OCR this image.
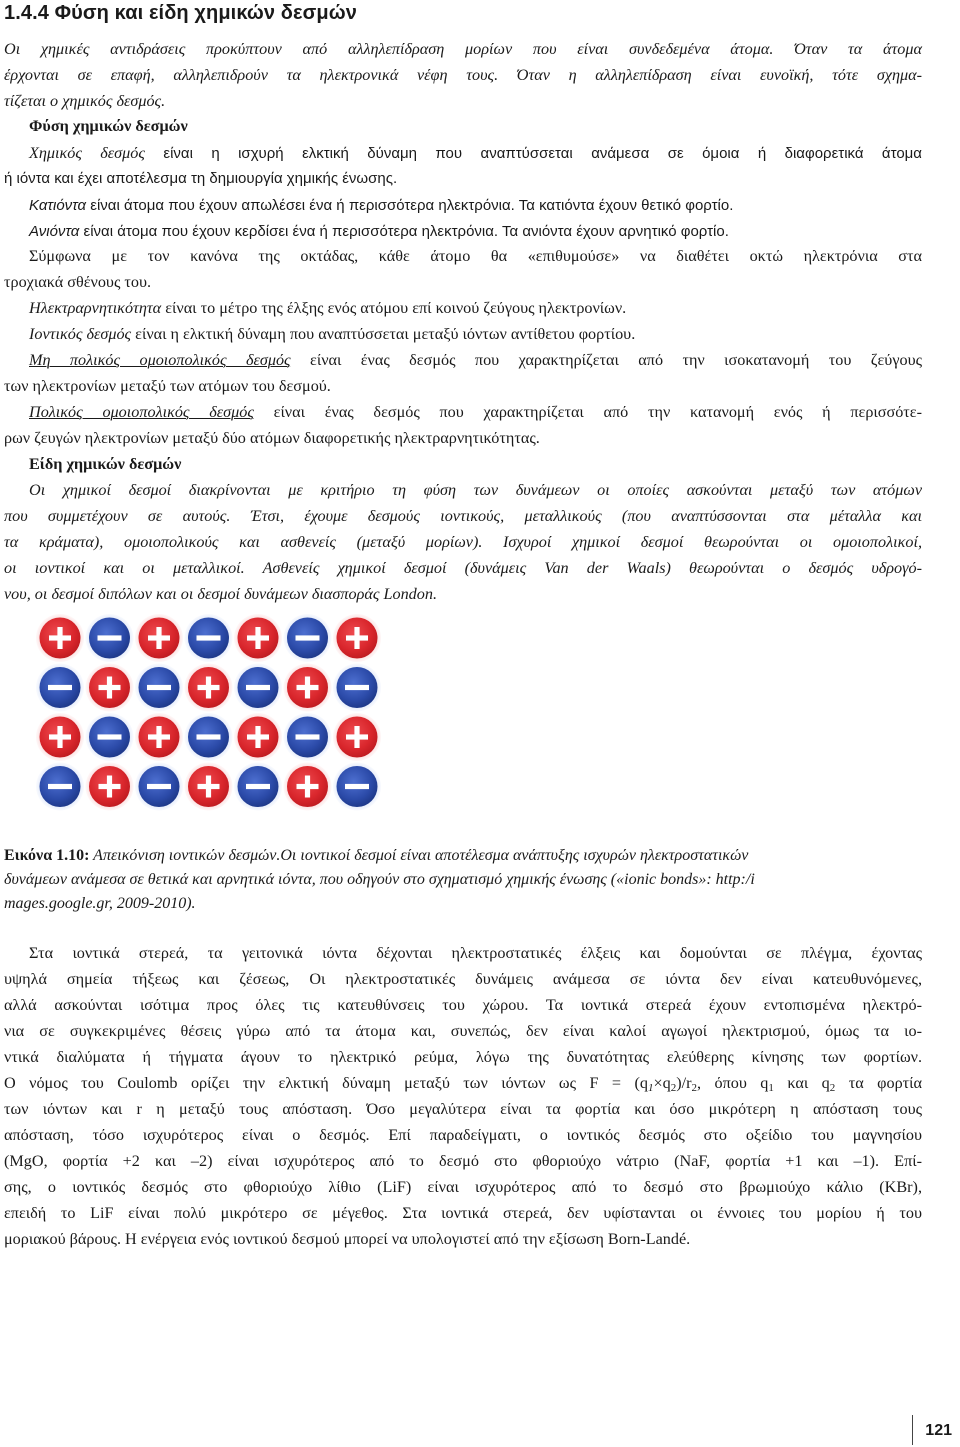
1.4.4 Φύση και είδη χημικών δεσμών
Οι χημικές αντιδράσεις προκύπτουν από αλληλεπίδραση μορίων που είναι συνδεδεμένα άτομα. Όταν τα άτομα
έρχονται σε επαφή, αλληλεπιδρούν τα ηλεκτρονικά νέφη τους. Όταν η αλληλεπίδραση είναι ευνοϊκή, τότε σχημα-
τίζεται ο χημικός δεσμός.
Φύση χημικών δεσμών
Χημικός δεσμός είναι η ισχυρή ελκτική δύναμη που αναπτύσσεται ανάμεσα σε όμοια ή διαφορετικά άτομα
ή ιόντα και έχει αποτέλεσμα τη δημιουργία χημικής ένωσης.
Κατιόντα είναι άτομα που έχουν απωλέσει ένα ή περισσότερα ηλεκτρόνια. Τα κατιόντα έχουν θετικό φορτίο.
Ανιόντα είναι άτομα που έχουν κερδίσει ένα ή περισσότερα ηλεκτρόνια. Τα ανιόντα έχουν αρνητικό φορτίο.
Σύμφωνα με τον κανόνα της οκτάδας, κάθε άτομο θα «επιθυμούσε» να διαθέτει οκτώ ηλεκτρόνια στα
τροχιακά σθένους του.
Ηλεκτραρνητικότητα είναι το μέτρο της έλξης ενός ατόμου επί κοινού ζεύγους ηλεκτρονίων.
Ιοντικός δεσμός είναι η ελκτική δύναμη που αναπτύσσεται μεταξύ ιόντων αντίθετου φορτίου.
Μη πολικός ομοιοπολικός δεσμός είναι ένας δεσμός που χαρακτηρίζεται από την ισοκατανομή του ζεύγους
των ηλεκτρονίων μεταξύ των ατόμων του δεσμού.
Πολικός ομοιοπολικός δεσμός είναι ένας δεσμός που χαρακτηρίζεται από την κατανομή ενός ή περισσότε-
ρων ζευγών ηλεκτρονίων μεταξύ δύο ατόμων διαφορετικής ηλεκτραρνητικότητας.
Είδη χημικών δεσμών
Οι χημικοί δεσμοί διακρίνονται με κριτήριο τη φύση των δυνάμεων οι οποίες ασκούνται μεταξύ των ατόμων
που συμμετέχουν σε αυτούς. Έτσι, έχουμε δεσμούς ιοντικούς, μεταλλικούς (που αναπτύσσονται στα μέταλλα και
τα κράματα), ομοιοπολικούς και ασθενείς (μεταξύ μορίων). Ισχυροί χημικοί δεσμοί θεωρούνται οι ομοιοπολικοί,
οι ιοντικοί και οι μεταλλικοί. Ασθενείς χημικοί δεσμοί (δυνάμεις Van der Waals) θεωρούνται ο δεσμός υδρογό-
νου, οι δεσμοί διπόλων και οι δεσμοί δυνάμεων διασποράς London.
Εικόνα 1.10: Απεικόνιση ιοντικών δεσμών.Οι ιοντικοί δεσμοί είναι αποτέλεσμα ανάπτυξης ισχυρών ηλεκτροστατικών
δυνάμεων ανάμεσα σε θετικά και αρνητικά ιόντα, που οδηγούν στο σχηματισμό χημικής ένωσης («ionic bonds»: http:/i
mages.google.gr, 2009-2010).
Στα ιοντικά στερεά, τα γειτονικά ιόντα δέχονται ηλεκτροστατικές έλξεις και δομούνται σε πλέγμα, έχοντας
υψηλά σημεία τήξεως και ζέσεως, Οι ηλεκτροστατικές δυνάμεις ανάμεσα σε ιόντα δεν είναι κατευθυνόμενες,
αλλά ασκούνται ισότιμα προς όλες τις κατευθύνσεις του χώρου. Τα ιοντικά στερεά έχουν εντοπισμένα ηλεκτρό-
νια σε συγκεκριμένες θέσεις γύρω από τα άτομα και, συνεπώς, δεν είναι καλοί αγωγοί ηλεκτρισμού, όμως τα ιο-
ντικά διαλύματα ή τήγματα άγουν το ηλεκτρικό ρεύμα, λόγω της δυνατότητας ελεύθερης κίνησης των φορτίων.
Ο νόμος του Coulomb ορίζει την ελκτική δύναμη μεταξύ των ιόντων ως $F = (q_1\times q_2)/r_2$, όπου $q_1$ και $q_2$ τα φορτία
των ιόντων και r η μεταξύ τους απόσταση. Όσο μεγαλύτερα είναι τα φορτία και όσο μικρότερη η απόσταση τους
απόσταση, τόσο ισχυρότερος είναι ο δεσμός. Επί παραδείγματι, ο ιοντικός δεσμός στο οξείδιο του μαγνησίου
(MgO, φορτία +2 και –2) είναι ισχυρότερος από το δεσμό στο φθοριούχο νάτριο (NaF, φορτία +1 και –1). Επί-
σης, ο ιοντικός δεσμός στο φθοριούχο λίθιο (LiF) είναι ισχυρότερος από το δεσμό στο βρωμιούχο κάλιο (KBr),
επειδή το LiF είναι πολύ μικρότερο σε μέγεθος. Στα ιοντικά στερεά, δεν υφίστανται οι έννοιες του μορίου ή του
μοριακού βάρους. Η ενέργεια ενός ιοντικού δεσμού μπορεί να υπολογιστεί από την εξίσωση Born-Landé.
121
